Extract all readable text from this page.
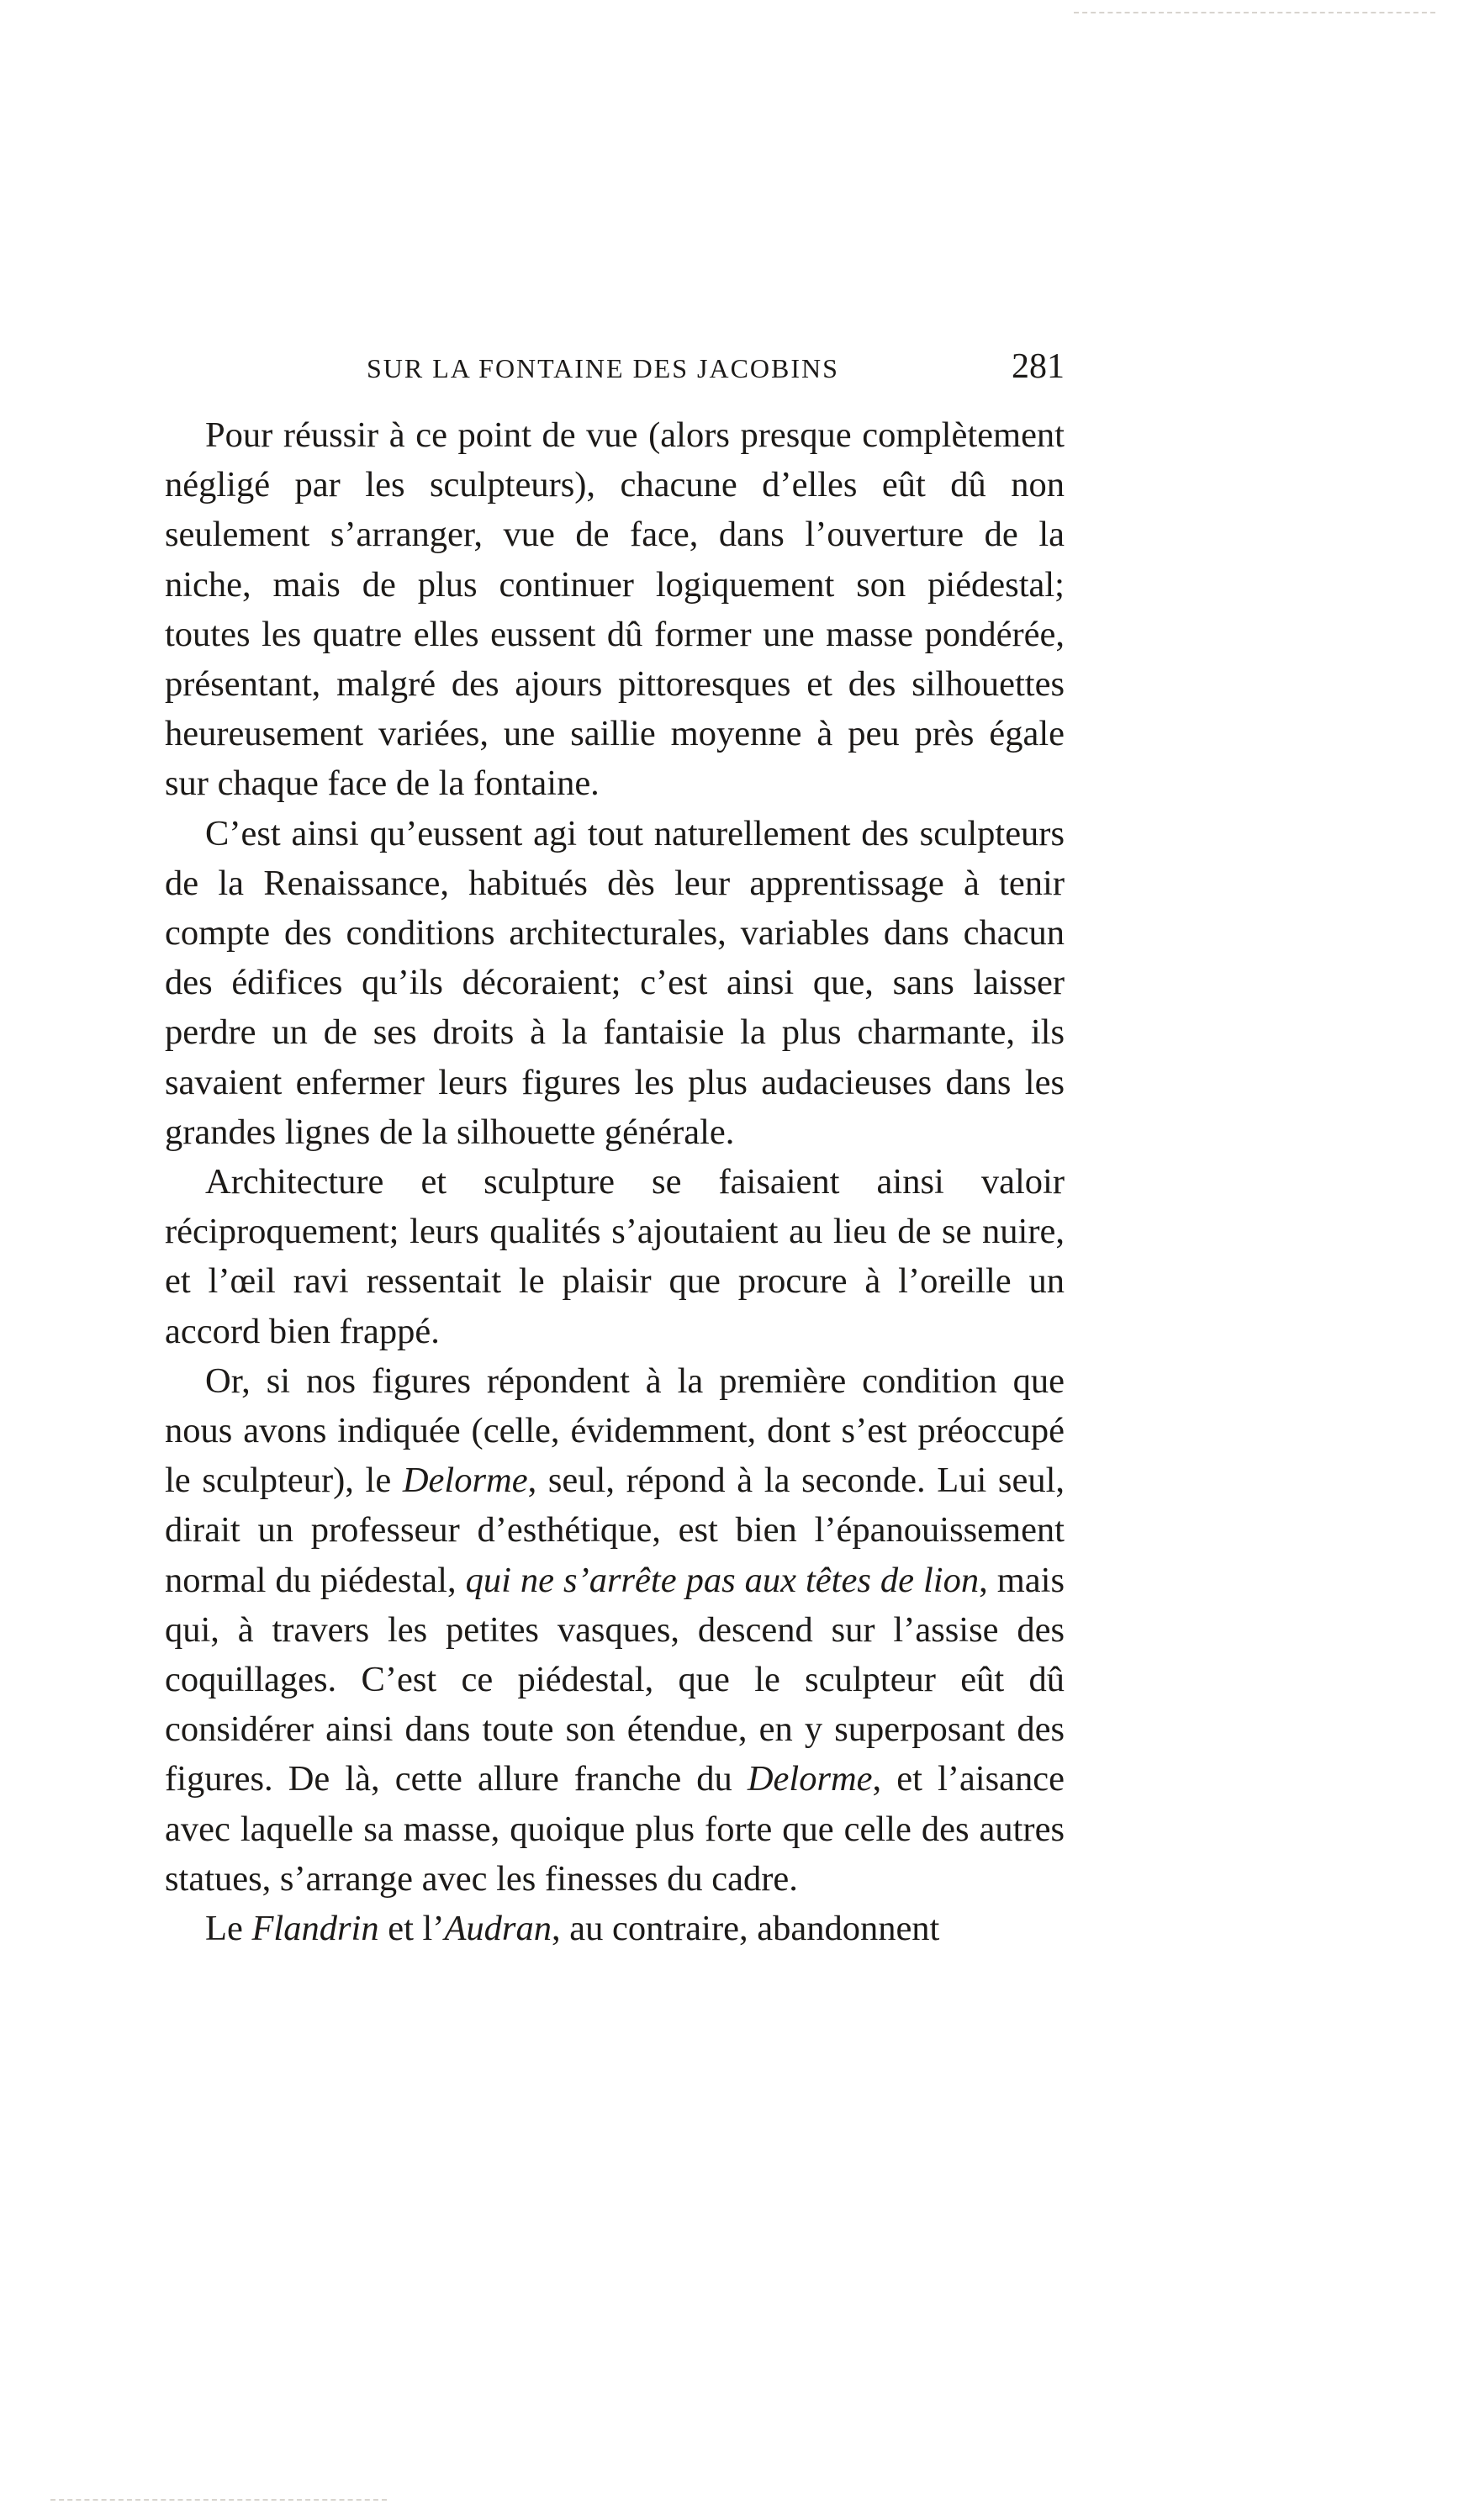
SUR LA FONTAINE DES JACOBINS	281

Pour réussir à ce point de vue (alors presque complètement négligé par les sculpteurs), chacune d’elles eût dû non seulement s’arranger, vue de face, dans l’ouverture de la niche, mais de plus continuer logiquement son piédestal; toutes les quatre elles eussent dû former une masse pondérée, présentant, malgré des ajours pittoresques et des silhouettes heureusement variées, une saillie moyenne à peu près égale sur chaque face de la fontaine.

C’est ainsi qu’eussent agi tout naturellement des sculpteurs de la Renaissance, habitués dès leur apprentissage à tenir compte des conditions architecturales, variables dans chacun des édifices qu’ils décoraient; c’est ainsi que, sans laisser perdre un de ses droits à la fantaisie la plus charmante, ils savaient enfermer leurs figures les plus audacieuses dans les grandes lignes de la silhouette générale.

Architecture et sculpture se faisaient ainsi valoir réciproquement; leurs qualités s’ajoutaient au lieu de se nuire, et l’œil ravi ressentait le plaisir que procure à l’oreille un accord bien frappé.

Or, si nos figures répondent à la première condition que nous avons indiquée (celle, évidemment, dont s’est préoccupé le sculpteur), le Delorme, seul, répond à la seconde. Lui seul, dirait un professeur d’esthétique, est bien l’épanouissement normal du piédestal, qui ne s’arrête pas aux têtes de lion, mais qui, à travers les petites vasques, descend sur l’assise des coquillages. C’est ce piédestal, que le sculpteur eût dû considérer ainsi dans toute son étendue, en y superposant des figures. De là, cette allure franche du Delorme, et l’aisance avec laquelle sa masse, quoique plus forte que celle des autres statues, s’arrange avec les finesses du cadre.

Le Flandrin et l’Audran, au contraire, abandonnent
